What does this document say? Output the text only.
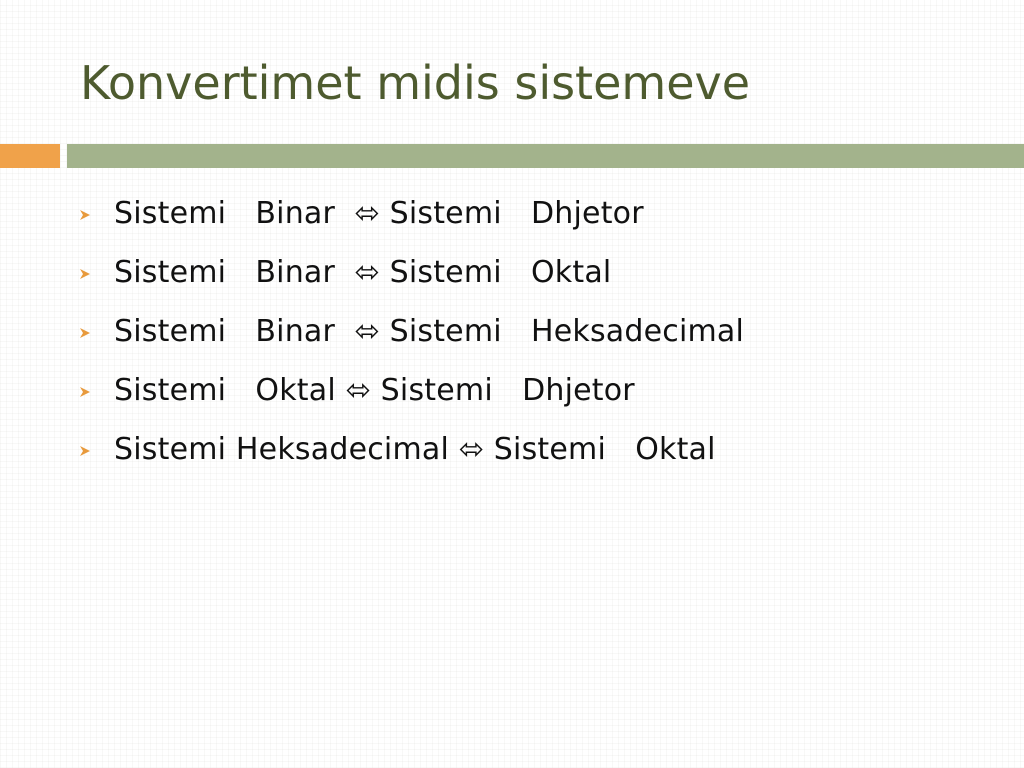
Konvertimet midis sistemeve
Sistemi   Binar  ⬄ Sistemi   Dhjetor
Sistemi   Binar  ⬄ Sistemi   Oktal
Sistemi   Binar  ⬄ Sistemi   Heksadecimal
Sistemi   Oktal ⬄ Sistemi   Dhjetor
Sistemi Heksadecimal ⬄ Sistemi   Oktal
